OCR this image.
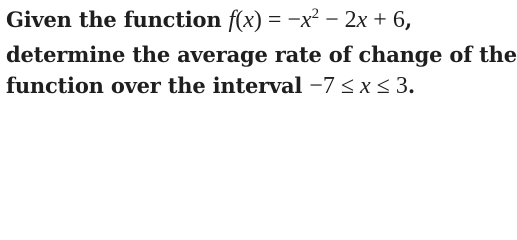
Given the function $f(x) = -x^2 - 2x + 6$,
determine the average rate of change of the
function over the interval −7 ≤ x ≤ 3.
